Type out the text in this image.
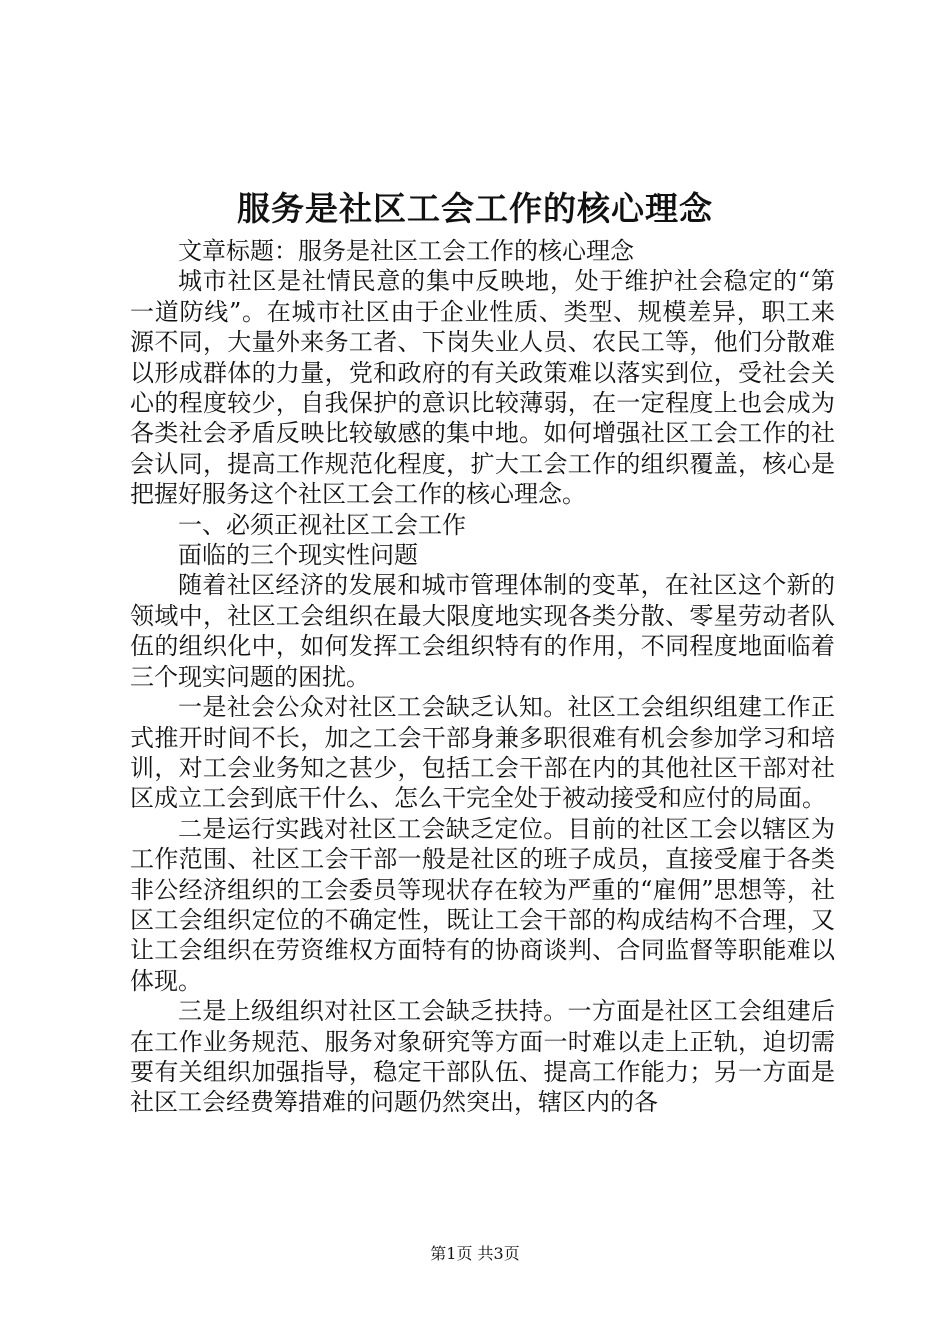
服务是社区工会工作的核心理念

文章标题：服务是社区工会工作的核心理念

城市社区是社情民意的集中反映地，处于维护社会稳定的“第一道防线”。在城市社区由于企业性质、类型、规模差异，职工来源不同，大量外来务工者、下岗失业人员、农民工等，他们分散难以形成群体的力量，党和政府的有关政策难以落实到位，受社会关心的程度较少，自我保护的意识比较薄弱，在一定程度上也会成为各类社会矛盾反映比较敏感的集中地。如何增强社区工会工作的社会认同，提高工作规范化程度，扩大工会工作的组织覆盖，核心是把握好服务这个社区工会工作的核心理念。

一、必须正视社区工会工作

面临的三个现实性问题

随着社区经济的发展和城市管理体制的变革，在社区这个新的领域中，社区工会组织在最大限度地实现各类分散、零星劳动者队伍的组织化中，如何发挥工会组织特有的作用，不同程度地面临着三个现实问题的困扰。

一是社会公众对社区工会缺乏认知。社区工会组织组建工作正式推开时间不长，加之工会干部身兼多职很难有机会参加学习和培训，对工会业务知之甚少，包括工会干部在内的其他社区干部对社区成立工会到底干什么、怎么干完全处于被动接受和应付的局面。

二是运行实践对社区工会缺乏定位。目前的社区工会以辖区为工作范围、社区工会干部一般是社区的班子成员，直接受雇于各类非公经济组织的工会委员等现状存在较为严重的“雇佣”思想等，社区工会组织定位的不确定性，既让工会干部的构成结构不合理，又让工会组织在劳资维权方面特有的协商谈判、合同监督等职能难以体现。

三是上级组织对社区工会缺乏扶持。一方面是社区工会组建后在工作业务规范、服务对象研究等方面一时难以走上正轨，迫切需要有关组织加强指导，稳定干部队伍、提高工作能力；另一方面是社区工会经费筹措难的问题仍然突出，辖区内的各

第1页 共3页
